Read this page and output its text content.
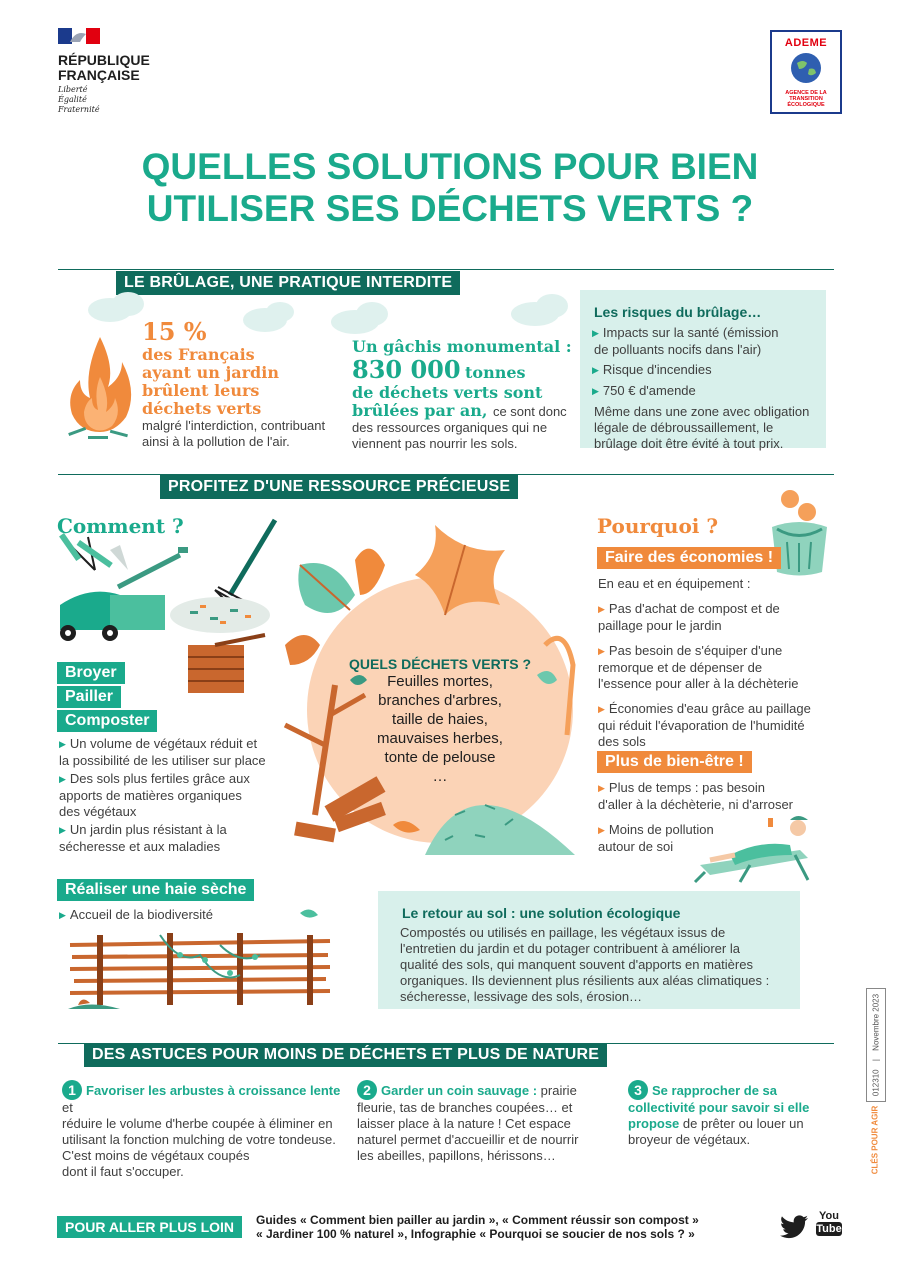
RÉPUBLIQUE
FRANÇAISE
Liberté
Égalité
Fraternité
ADEME
AGENCE DE LA
TRANSITION
ÉCOLOGIQUE
QUELLES SOLUTIONS POUR BIEN
UTILISER SES DÉCHETS VERTS ?
LE BRÛLAGE, UNE PRATIQUE INTERDITE
15 %
des Français
ayant un jardin
brûlent leurs
déchets verts
malgré l'interdiction, contribuant
ainsi à la pollution de l'air.
Un gâchis monumental :
830 000 tonnes
de déchets verts sont
brûlées par an, ce sont donc
des ressources organiques qui ne
viennent pas nourrir les sols.
Les risques du brûlage…
▶ Impacts sur la santé (émission
de polluants nocifs dans l'air)
▶ Risque d'incendies
▶ 750 € d'amende
Même dans une zone avec obligation
légale de débroussaillement, le
brûlage doit être évité à tout prix.
PROFITEZ D'UNE RESSOURCE PRÉCIEUSE
Comment ?
Broyer
Pailler
Composter
▶ Un volume de végétaux réduit et
la possibilité de les utiliser sur place
▶ Des sols plus fertiles grâce aux
apports de matières organiques
des végétaux
▶ Un jardin plus résistant à la
sécheresse et aux maladies
QUELS DÉCHETS VERTS ?
Feuilles mortes,
branches d'arbres,
taille de haies,
mauvaises herbes,
tonte de pelouse
…
Pourquoi ?
Faire des économies !
En eau et en équipement :
▶ Pas d'achat de compost et de
paillage pour le jardin
▶ Pas besoin de s'équiper d'une
remorque et de dépenser de
l'essence pour aller à la déchèterie
▶ Économies d'eau grâce au paillage
qui réduit l'évaporation de l'humidité
des sols
Plus de bien-être !
▶ Plus de temps : pas besoin
d'aller à la déchèterie, ni d'arroser
▶ Moins de pollution
autour de soi
Réaliser une haie sèche
▶ Accueil de la biodiversité	Le retour au sol : une solution écologique
Compostés ou utilisés en paillage, les végétaux issus de
l'entretien du jardin et du potager contribuent à améliorer la
qualité des sols, qui manquent souvent d'apports en matières
organiques. Ils deviennent plus résilients aux aléas climatiques :
sécheresse, lessivage des sols, érosion…
DES ASTUCES POUR MOINS DE DÉCHETS ET PLUS DE NATURE
1 Favoriser les arbustes à croissance lente et
réduire le volume d'herbe coupée à éliminer en
utilisant la fonction mulching de votre tondeuse.
C'est moins de végétaux coupés
dont il faut s'occuper.
2 Garder un coin sauvage : prairie
fleurie, tas de branches coupées… et
laisser place à la nature ! Cet espace
naturel permet d'accueillir et de nourrir
les abeilles, papillons, hérissons…
3 Se rapprocher de sa
collectivité pour savoir si elle
propose de prêter ou louer un
broyeur de végétaux.
012310 | Novembre 2023
CLÉS POUR AGIR
POUR ALLER PLUS LOIN	Guides « Comment bien pailler au jardin », « Comment réussir son compost »
« Jardiner 100 % naturel », Infographie « Pourquoi se soucier de nos sols ? »
You
Tube
